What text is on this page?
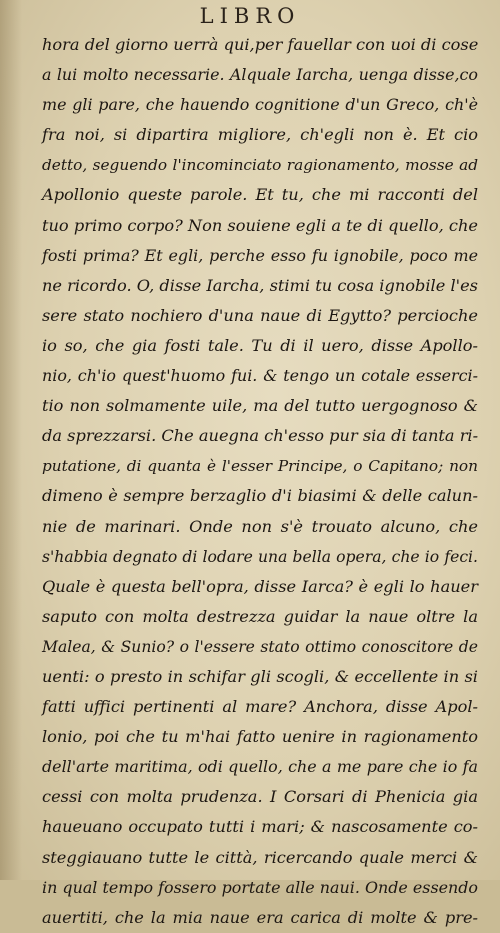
LIBRO
hora del giorno uerrà qui,per fauellar con uoi di cose
a lui molto necessarie. Alquale Iarcha, uenga disse,co
me gli pare, che hauendo cognitione d'un Greco, ch'è
fra noi, si dipartira migliore, ch'egli non è. Et cio
detto, seguendo l'incominciato ragionamento, mosse ad
Apollonio queste parole. Et tu, che mi racconti del
tuo primo corpo? Non souiene egli a te di quello, che
fosti prima? Et egli, perche esso fu ignobile, poco me
ne ricordo. O, disse Iarcha, stimi tu cosa ignobile l'es
sere stato nochiero d'una naue di Egytto? percioche
io so, che gia fosti tale. Tu di il uero, disse Apollo-
nio, ch'io quest'huomo fui. & tengo un cotale esserci-
tio non solmamente uile, ma del tutto uergognoso &
da sprezzarsi. Che auegna ch'esso pur sia di tanta ri-
putatione, di quanta è l'esser Principe, o Capitano; non
dimeno è sempre berzaglio d'i biasimi & delle calun-
nie de marinari. Onde non s'è trouato alcuno, che
s'habbia degnato di lodare una bella opera, che io feci.
Quale è questa bell'opra, disse Iarca? è egli lo hauer
saputo con molta destrezza guidar la naue oltre la
Malea, & Sunio? o l'essere stato ottimo conoscitore de
uenti: o presto in schifar gli scogli, & eccellente in si
fatti uffici pertinenti al mare? Anchora, disse Apol-
lonio, poi che tu m'hai fatto uenire in ragionamento
dell'arte maritima, odi quello, che a me pare che io fa
cessi con molta prudenza. I Corsari di Phenicia gia
haueuano occupato tutti i mari; & nascosamente co-
steggiauano tutte le città, ricercando quale merci &
in qual tempo fossero portate alle naui. Onde essendo
auertiti, che la mia naue era carica di molte & pre-
